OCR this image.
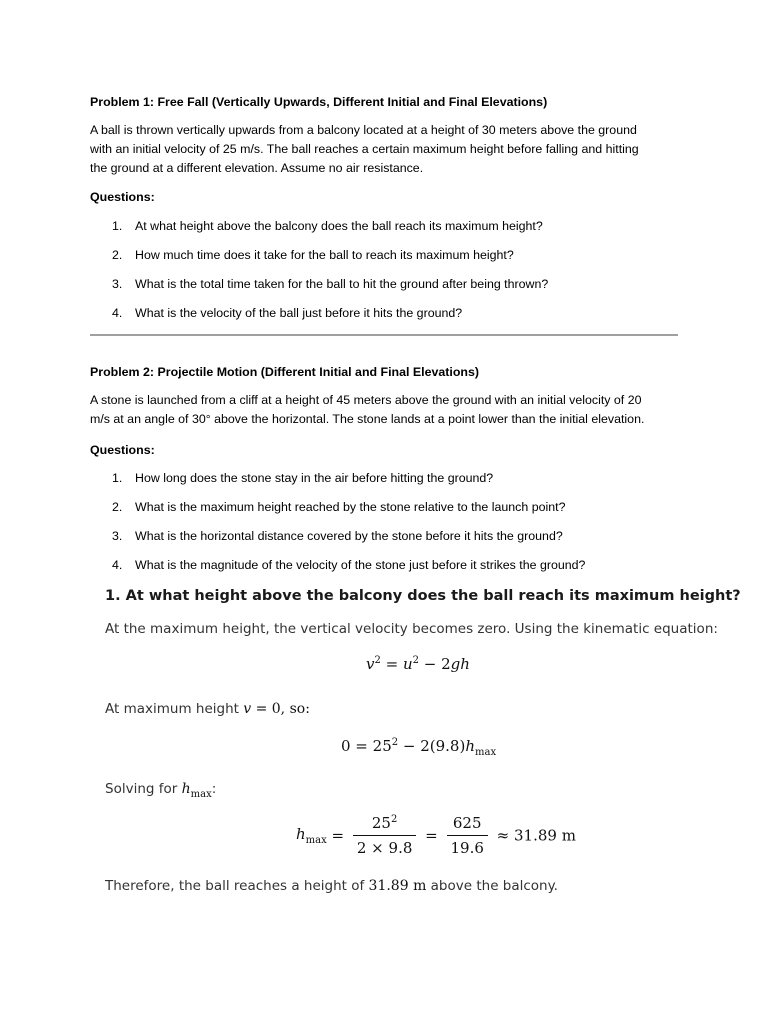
Problem 1: Free Fall (Vertically Upwards, Different Initial and Final Elevations)
A ball is thrown vertically upwards from a balcony located at a height of 30 meters above the ground
with an initial velocity of 25 m/s. The ball reaches a certain maximum height before falling and hitting
the ground at a different elevation. Assume no air resistance.
Questions:
1.	At what height above the balcony does the ball reach its maximum height?
2.	How much time does it take for the ball to reach its maximum height?
3.	What is the total time taken for the ball to hit the ground after being thrown?
4.	What is the velocity of the ball just before it hits the ground?
Problem 2: Projectile Motion (Different Initial and Final Elevations)
A stone is launched from a cliff at a height of 45 meters above the ground with an initial velocity of 20
m/s at an angle of 30° above the horizontal. The stone lands at a point lower than the initial elevation.
Questions:
1.	How long does the stone stay in the air before hitting the ground?
2.	What is the maximum height reached by the stone relative to the launch point?
3.	What is the horizontal distance covered by the stone before it hits the ground?
4.	What is the magnitude of the velocity of the stone just before it strikes the ground?
1. At what height above the balcony does the ball reach its maximum height?
At the maximum height, the vertical velocity becomes zero. Using the kinematic equation:
$v^2 = u^2 - 2gh$
At maximum height v = 0, so:
$0 = 25^2 - 2(9.8)h_{max}$
Solving for $h_{max}$:
$h_{max} = \frac{25^2}{2 \times 9.8} = \frac{625}{19.6} \approx 31.89$ m
Therefore, the ball reaches a height of 31.89 m above the balcony.
